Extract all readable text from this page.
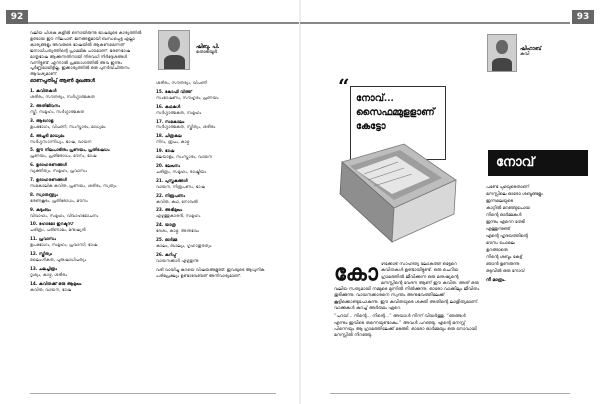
92

വലിയ പിശകു കളില്‍ ഒന്നായിരുന്നു ഭാഷയുടെ കാര്യത്തില്‍ ഉണ്ടായ ഈ നിലപാട്. ജനങ്ങളുമായി ബന്ധപ്പെട്ട എല്ലാ കാര്യങ്ങളും അവരുടെ ഭാഷയില്‍ ആകണമെന്നത് ജനാധിപത്യത്തിന്റെ പ്രാഥമിക പാഠമാണ്. ഭരണഭാഷ മാതൃഭാഷ ആക്കുന്നതിനായി നിരവധി നിര്‍ദ്ദേശങ്ങള്‍ വന്നിട്ടുണ്ട്. എന്നാല്‍ പ്രയോഗത്തില്‍ അവ ഇന്നും പൂര്‍ണ്ണമായിട്ടില്ല. ഇക്കാര്യത്തില്‍ ഒരു പുനര്‍വിചിന്തനം ആവശ്യമാണ്.

ഓണപ്പതിപ്പ് ആണ്‍ മുഖങ്ങള്‍
1. കവിതകള്‍
ശരീരം, സൗന്ദര്യം, സര്‍ഗ്ഗാത്മകത
2. അതിജീവനം
സ്ത്രീ, സമൂഹം, സര്‍ഗ്ഗാത്മകത
3. ആഗോള
ഉപഭോഗം, വിപണി, സംസ്കാരം, മാധ്യമം
4. അച്ചടി മാധ്യമം
സര്‍ഗ്ഗസാന്നിധ്യം, ഭാഷ, വായന
5. ഈ നിലപാടിനും പ്രണയം, പ്രതിഷേധം
പ്രണയം, പ്രതിരോധം, മൗനം, ഭാഷ
6. ഉദാഹരണങ്ങള്‍
വ്യക്തിത്വം, സമൂഹം, പ്രവാസം
7. ഉദാഹരണങ്ങള്‍
സമകാലിക കവിത, പ്രണയം, ശരീരം, സ്വത്വം
8. സ്വാതന്ത്ര്യം
ഭരണകൂടം, പ്രതിരോധം, മൗനം
9. കുടുംബം
വിവാഹം, സമൂഹം, വിവാഹമോചനം
10. ഹോമോ ഇറക്ടസ്
ചരിത്രം, പരിണാമം, മനുഷ്യന്‍
11. പ്രവാസം
ഉപഭോഗം, സമൂഹം, പ്രവാസി, ഭാഷ
12. സ്ത്രീത്വം
ലൈംഗികത, പുരുഷാധിപത്യം
13. ചലച്ചിത്രം
ദൃശ്യം, കാഴ്ച, ശരീരം
14. കവിതക്ക് ഒരു ആമുഖം
കവിത, വായന, ഭാഷ
ഷിബു. പി.
തൊടിയൂര്‍
ശരീരം, സൗന്ദര്യം, വിപണി
15. കോഫി വിത്ത്
സംഭാഷണം, സൗഹൃദം, പ്രണയം
16. കഥകള്‍
സര്‍ഗ്ഗാത്മകത, സമൂഹം
17. സമകാലം
സര്‍ഗ്ഗാത്മകത, സ്ത്രീത്വം, ശരീരം
18. ചിത്രകല
നിറം, രൂപം, കാഴ്ച
19. ഭാഷ
മലയാളം, സംസ്കാരം, വായന
20. ലേഖനം
ചരിത്രം, സമൂഹം, രാഷ്ട്രീയം
21. പുസ്തകങ്ങള്‍
വായന, നിരൂപണം, ഭാഷ
22. നിരൂപണം
കവിത, കഥ, നോവല്‍
23. അഭിമുഖം
എഴുത്തുകാരന്‍, സമൂഹം
24. യാത്ര
ദേശം, കാഴ്ച, അനുഭവം
25. ഓര്‍മ്മ
കാലം, ബാല്യം, ഗൃഹാതുരത്വം
26. കുറിപ്പ്
വായനക്കാര്‍ എഴുതുന്നു

വരി വായിച്ചു കുറയെ വിഷയങ്ങളുണ്ട്. ഇവയുടെ ആധുനിക പരിപ്രേക്ഷ്യം ഉണ്ടാവേണ്ടത് അനിവാര്യമാണ്.

93
ഷിഹാബ്
കവി
“
നോവ്...
സൈഫമ്മുളളാണ്
കേട്ടോ
നോവ്
പണ്ടേ പുഴയുടെതാണ്
മനസ്സിലെ ഓരോ ശബ്ദങ്ങളും
ഇന്നലെയുടെ
കാറ്റില്‍ മറഞ്ഞുപോയ
നിന്റെ ഓര്‍മ്മകള്‍
ഇന്നും എന്നെ തേടി
എത്തുന്നുണ്ട്
എന്റെ ഹൃദയത്തിന്റെ
മൗനം പോലെ
ഉറങ്ങാതെ
നിന്റെ ശബ്ദം കേട്ട്
ഞാന്‍ ഉണരുന്നു
ഒടുവില്‍ ഒരു നോവ്
നീ മാത്രം.
കോ ഴിക്കോട് സാഹിത്യ ലോകത്ത് ഒട്ടേറെ കവിതകള്‍ ഉണ്ടായിട്ടുണ്ട്. ഒരു ചെറിയ ഗ്രാമത്തില്‍ ജീവിക്കുന്ന ഒരു മനുഷ്യന്റെ മനസ്സിന്റെ വേദന ആണ് ഈ കവിത. അത് ഒരു വലിയ സത്യമായി നമ്മുടെ മുന്നില്‍ നില്‍ക്കുന്നു. ഓരോ വാക്കിലും ജീവിതം തുടിക്കുന്നു. വായനക്കാരനെ സ്വന്തം അനുഭവത്തിലേക്ക് കൂട്ടിക്കൊണ്ടുപോകുന്നു. ഈ കവിതയുടെ ശക്തി അതിന്റെ ലാളിത്യമാണ്. വാക്കുകള്‍ കുറച്ച് അര്‍ത്ഥം ഏറെ.

“പറയ്... നിന്റെ... നിന്റെ...” അയാള്‍ നിന്ന് വിയര്‍ത്തു. “ഞങ്ങള്‍ എന്നും ഇവിടെ തന്നെയുണ്ടാകും.” അവള്‍ പറഞ്ഞു. എന്റെ മനസ്സ് പിന്നെയും ആ ഗ്രാമത്തിലേക്ക് മടങ്ങി. ഓരോ ഓര്‍മ്മയും ഒരു നോവായി മനസ്സില്‍ നിറഞ്ഞു.
